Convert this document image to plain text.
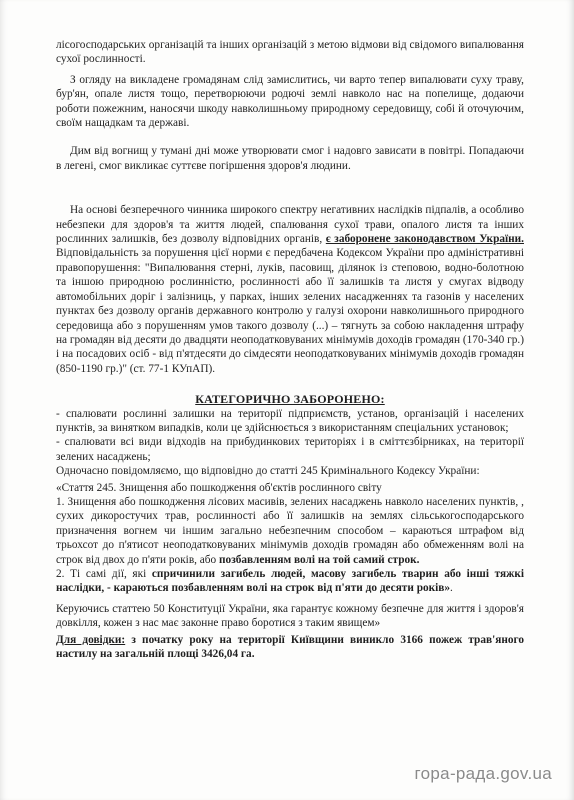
лісогосподарських організацій та інших організацій з метою відмови від свідомого випалювання сухої рослинності.

З огляду на викладене громадянам слід замислитись, чи варто тепер випалювати суху траву, бур'ян, опале листя тощо, перетворюючи родючі землі навколо нас на попелище, додаючи роботи пожежним, наносячи шкоду навколишньому природному середовищу, собі й оточуючим, своїм нащадкам та державі.

Дим від вогнищ у тумані дні може утворювати смог і надовго зависати в повітрі. Попадаючи в легені, смог викликає суттєве погіршення здоров'я людини.

На основі безперечного чинника широкого спектру негативних наслідків підпалів, а особливо небезпеки для здоров'я та життя людей, спалювання сухої трави, опалого листя та інших рослинних залишків, без дозволу відповідних органів, є заборонене законодавством України. Відповідальність за порушення цієї норми є передбачена Кодексом України про адміністративні правопорушення: "Випалювання стерні, луків, пасовищ, ділянок із степовою, водно-болотною та іншою природною рослинністю, рослинності або її залишків та листя у смугах відводу автомобільних доріг і залізниць, у парках, інших зелених насадженнях та газонів у населених пунктах без дозволу органів державного контролю у галузі охорони навколишнього природного середовища або з порушенням умов такого дозволу (...) – тягнуть за собою накладення штрафу на громадян від десяти до двадцяти неоподатковуваних мінімумів доходів громадян (170-340 гр.) і на посадових осіб - від п'ятдесяти до сімдесяти неоподатковуваних мінімумів доходів громадян (850-1190 гр.)" (ст. 77-1 КУпАП).

КАТЕГОРИЧНО ЗАБОРОНЕНО:

- спалювати рослинні залишки на території підприємств, установ, організацій і населених пунктів, за винятком випадків, коли це здійснюється з використанням спеціальних установок;

- спалювати всі види відходів на прибудинкових територіях і в сміттєзбірниках, на території зелених насаджень;

Одночасно повідомляємо, що відповідно до статті 245 Кримінального Кодексу України:

«Стаття 245. Знищення або пошкодження об'єктів рослинного світу

1. Знищення або пошкодження лісових масивів, зелених насаджень навколо населених пунктів, , сухих дикоростучих трав, рослинності або її залишків на землях сільськогосподарського призначення вогнем чи іншим загально небезпечним способом – караються штрафом від трьохсот до п'ятисот неоподатковуваних мінімумів доходів громадян або обмеженням волі на строк від двох до п'яти років, або позбавленням волі на той самий строк.

2. Ті самі дії, які спричинили загибель людей, масову загибель тварин або інші тяжкі наслідки, - караються позбавленням волі на строк від п'яти до десяти років».

Керуючись статтею 50 Конституції України, яка гарантує кожному безпечне для життя і здоров'я довкілля, кожен з нас має законне право боротися з таким явищем»

Для довідки: з початку року на території Київщини виникло 3166 пожеж трав'яного настилу на загальній площі 3426,04 га.

гора-рада.gov.ua
